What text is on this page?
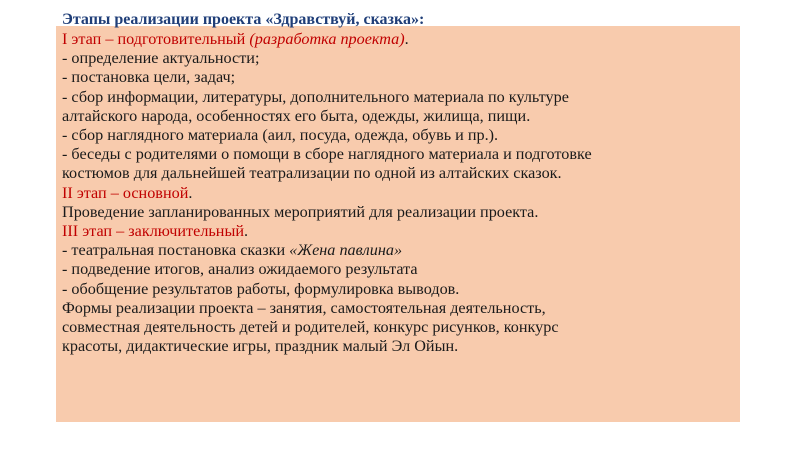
Этапы реализации проекта «Здравствуй, сказка»:
I этап – подготовительный (разработка проекта).
- определение актуальности;
- постановка цели, задач;
- сбор информации, литературы, дополнительного материала по культуре
алтайского народа, особенностях его быта, одежды, жилища, пищи.
- сбор наглядного материала (аил, посуда, одежда, обувь и пр.).
- беседы с родителями о помощи в сборе наглядного материала и подготовке
костюмов для дальнейшей театрализации по одной из алтайских сказок.
II этап – основной.
Проведение запланированных мероприятий для реализации проекта.
III этап – заключительный.
- театральная постановка сказки «Жена павлина»
- подведение итогов, анализ ожидаемого результата
- обобщение результатов работы, формулировка выводов.
Формы реализации проекта – занятия, самостоятельная деятельность,
совместная деятельность детей и родителей, конкурс рисунков, конкурс
красоты, дидактические игры, праздник малый Эл Ойын.
